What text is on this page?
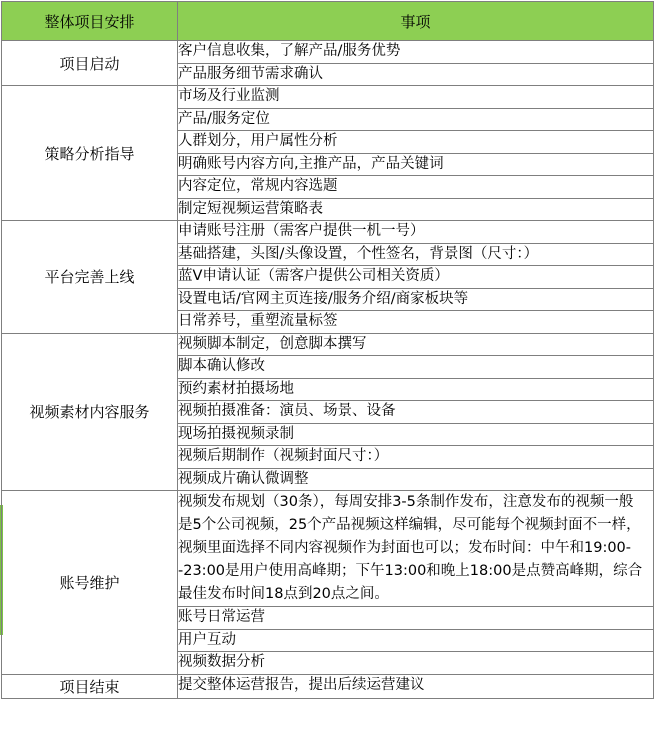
整体项目安排	事项
项目启动	客户信息收集，了解产品/服务优势
	产品服务细节需求确认
策略分析指导	市场及行业监测
	产品/服务定位
	人群划分，用户属性分析
	明确账号内容方向,主推产品，产品关键词
	内容定位，常规内容选题
	制定短视频运营策略表
平台完善上线	申请账号注册（需客户提供一机一号）
	基础搭建，头图/头像设置，个性签名，背景图（尺寸：）
	蓝V申请认证（需客户提供公司相关资质）
	设置电话/官网主页连接/服务介绍/商家板块等
	日常养号，重塑流量标签
视频素材内容服务	视频脚本制定，创意脚本撰写
	脚本确认修改
	预约素材拍摄场地
	视频拍摄准备：演员、场景、设备
	现场拍摄视频录制
	视频后期制作（视频封面尺寸：）
	视频成片确认微调整
账号维护	视频发布规划（30条），每周安排3-5条制作发布，注意发布的视频一般是5个公司视频，25个产品视频这样编辑，尽可能每个视频封面不一样，视频里面选择不同内容视频作为封面也可以；发布时间：中午和19:00--23:00是用户使用高峰期；下午13:00和晚上18:00是点赞高峰期，综合最佳发布时间18点到20点之间。
	账号日常运营
	用户互动
	视频数据分析
项目结束	提交整体运营报告，提出后续运营建议
